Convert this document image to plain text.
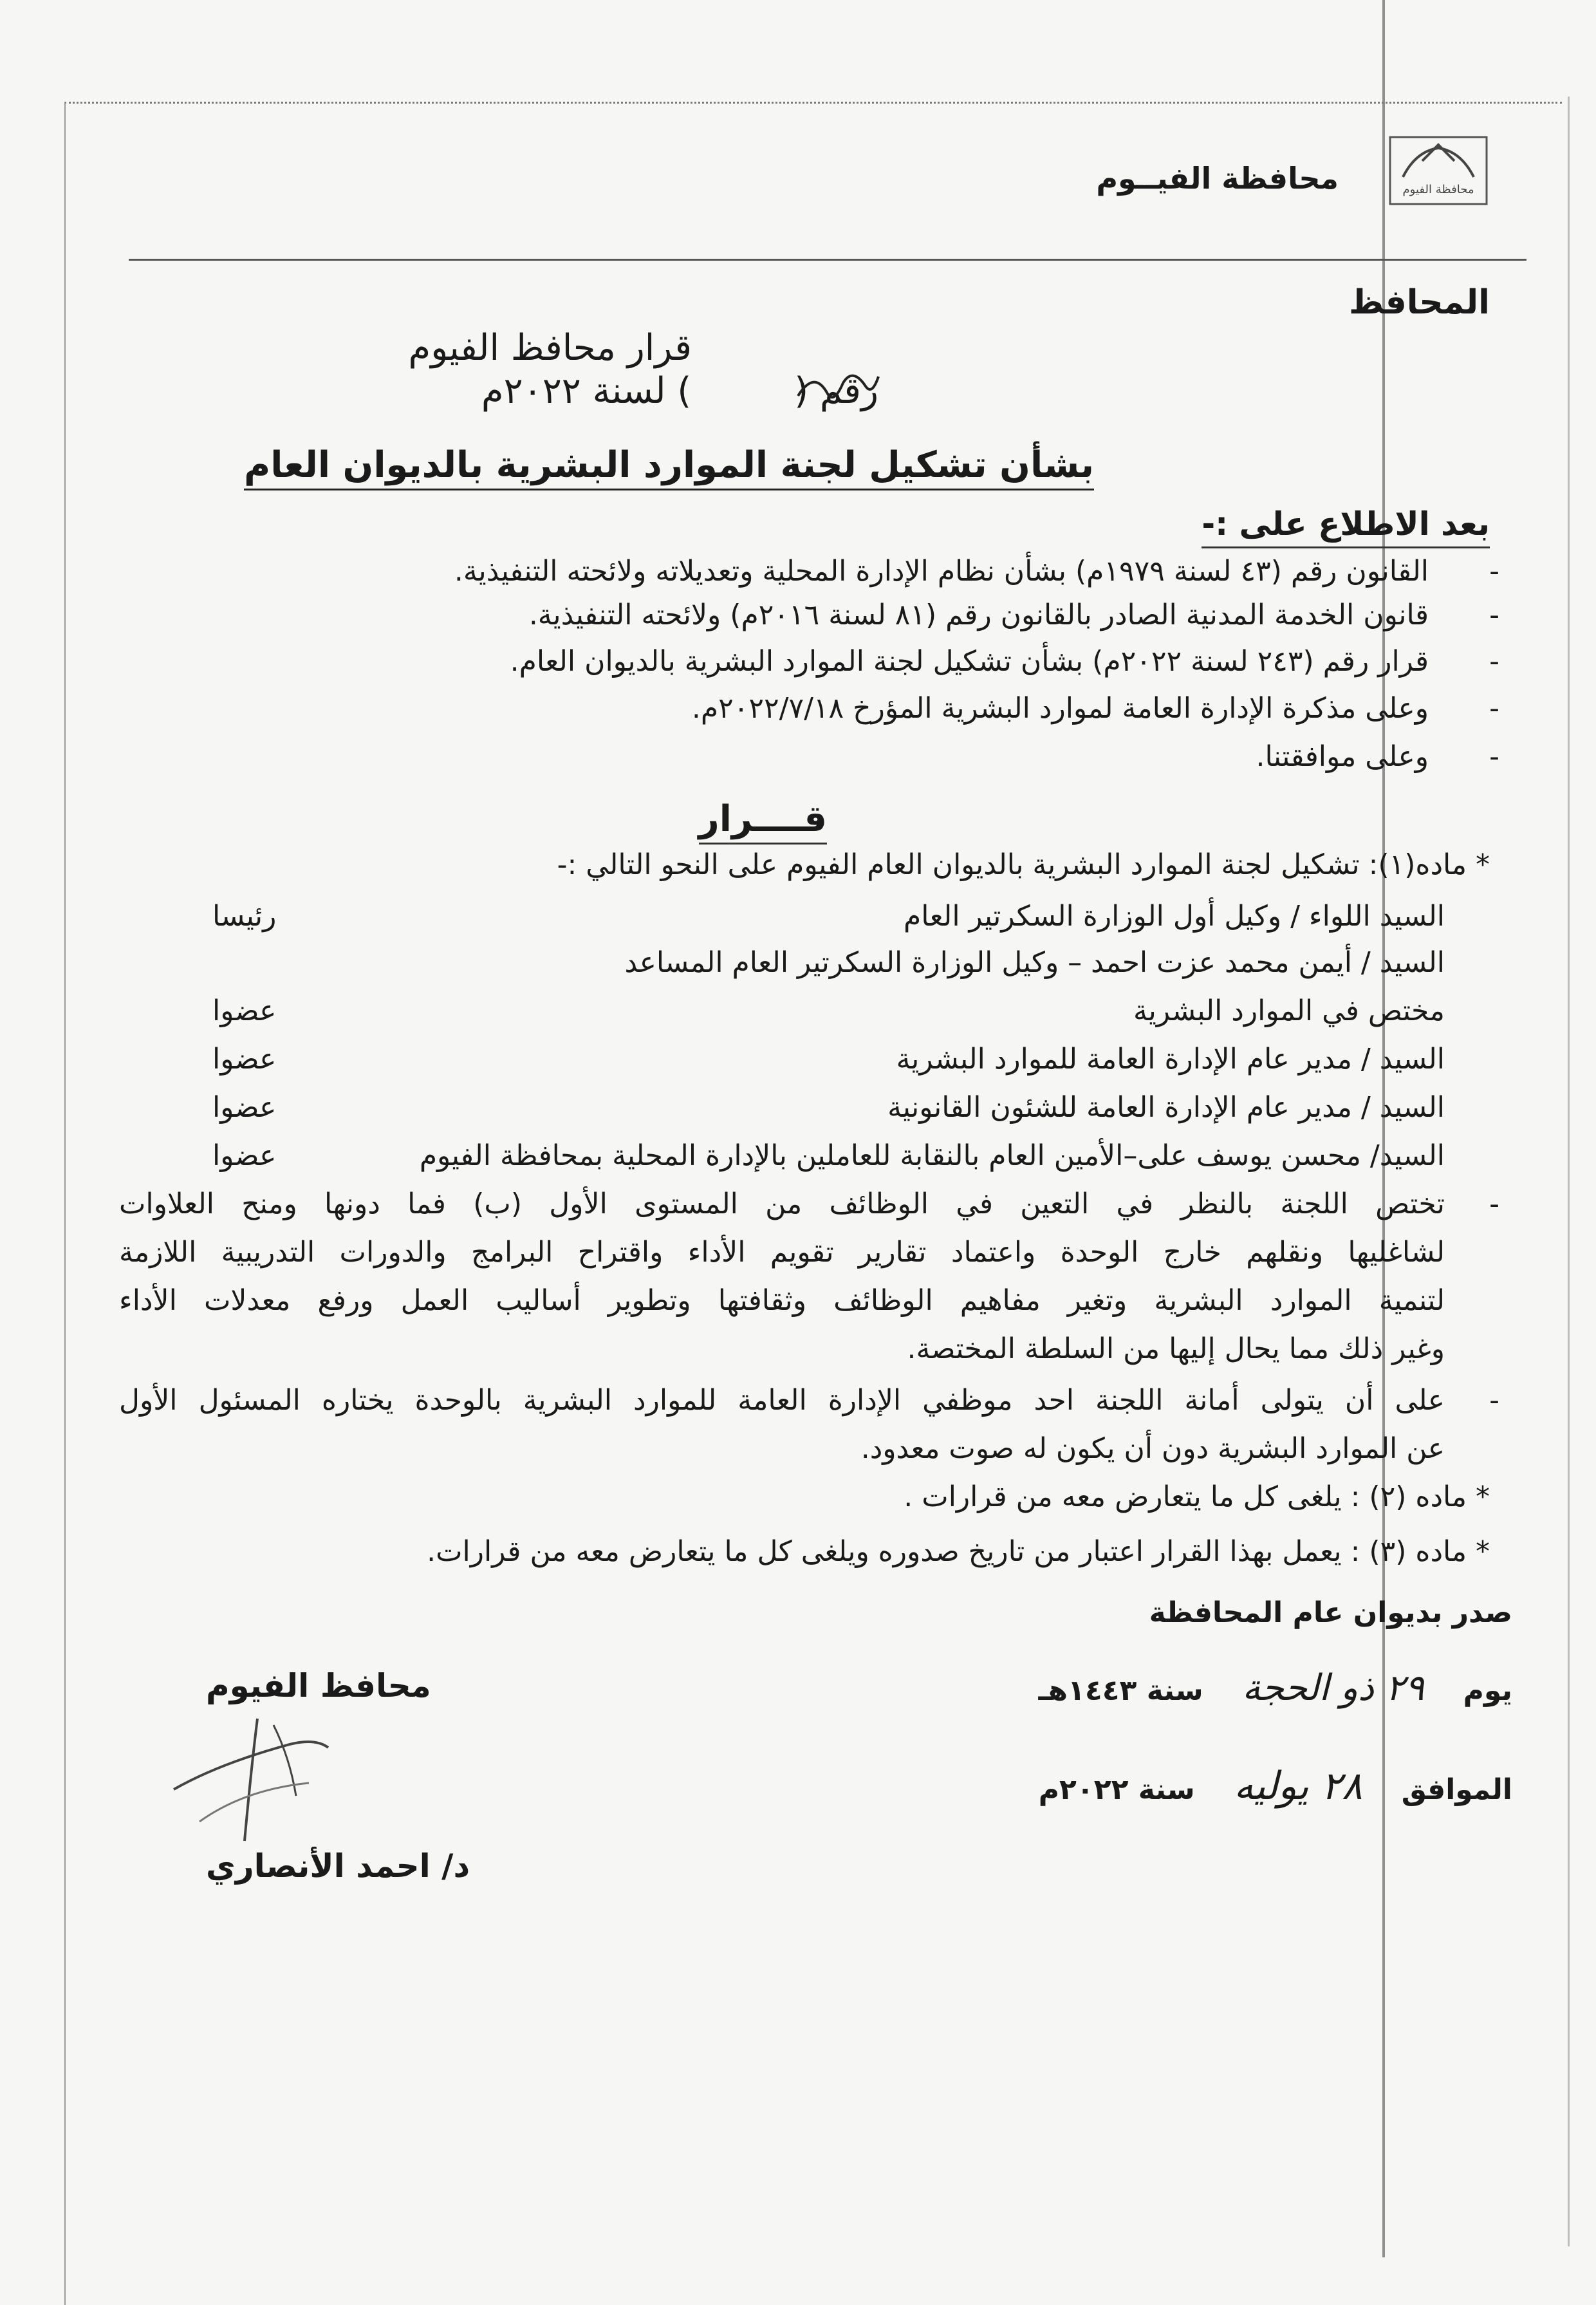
محافظة الفيوم
محافظة الفيــوم
المحافظ
قرار محافظ الفيوم
رقم () لسنة ٢٠٢٢م
بشأن تشكيل لجنة الموارد البشرية بالديوان العام
بعد الاطلاع على :-
-القانون رقم (٤٣ لسنة ١٩٧٩م) بشأن نظام الإدارة المحلية وتعديلاته ولائحته التنفيذية.
-قانون الخدمة المدنية الصادر بالقانون رقم (٨١ لسنة ٢٠١٦م) ولائحته التنفيذية.
-قرار رقم (٢٤٣ لسنة ٢٠٢٢م) بشأن تشكيل لجنة الموارد البشرية بالديوان العام.
-وعلى مذكرة الإدارة العامة لموارد البشرية المؤرخ ٢٠٢٢/٧/١٨م.
-وعلى موافقتنا.
قــــرار
* ماده(١): تشكيل لجنة الموارد البشرية بالديوان العام الفيوم على النحو التالي :-
السيد اللواء / وكيل أول الوزارة السكرتير العام
رئيسا
السيد / أيمن محمد عزت احمد – وكيل الوزارة السكرتير العام المساعد
مختص في الموارد البشرية
عضوا
السيد / مدير عام الإدارة العامة للموارد البشرية
عضوا
السيد / مدير عام الإدارة العامة للشئون القانونية
عضوا
السيد/ محسن يوسف على–الأمين العام بالنقابة للعاملين بالإدارة المحلية بمحافظة الفيوم
عضوا
-
تختص اللجنة بالنظر في التعين في الوظائف من المستوى الأول (ب) فما دونها ومنح العلاوات
لشاغليها ونقلهم خارج الوحدة واعتماد تقارير تقويم الأداء واقتراح البرامج والدورات التدريبية اللازمة
لتنمية الموارد البشرية وتغير مفاهيم الوظائف وثقافتها وتطوير أساليب العمل ورفع معدلات الأداء
وغير ذلك مما يحال إليها من السلطة المختصة.
-
على أن يتولى أمانة اللجنة احد موظفي الإدارة العامة للموارد البشرية بالوحدة يختاره المسئول الأول
عن الموارد البشرية دون أن يكون له صوت معدود.
* ماده (٢) : يلغى كل ما يتعارض معه من قرارات .
* ماده (٣) : يعمل بهذا القرار اعتبار من تاريخ صدوره ويلغى كل ما يتعارض معه من قرارات.
صدر بديوان عام المحافظة
يوم  ٢٩ ذو الحجة  سنة ١٤٤٣هـ
الموافق  ٢٨ يوليه  سنة ٢٠٢٢م
محافظ الفيوم
د/ احمد الأنصاري
